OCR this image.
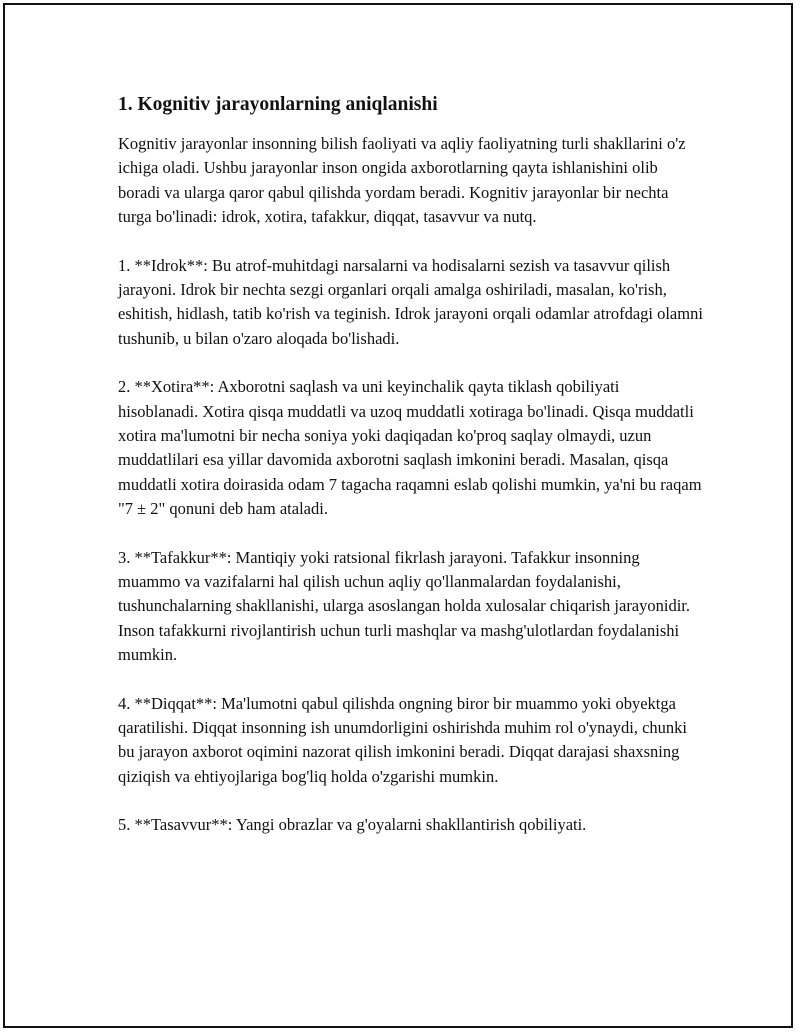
1. Kognitiv jarayonlarning aniqlanishi

Kognitiv jarayonlar insonning bilish faoliyati va aqliy faoliyatning turli shakllarini o'z ichiga oladi. Ushbu jarayonlar inson ongida axborotlarning qayta ishlanishini olib boradi va ularga qaror qabul qilishda yordam beradi. Kognitiv jarayonlar bir nechta turga bo'linadi: idrok, xotira, tafakkur, diqqat, tasavvur va nutq.

1. **Idrok**: Bu atrof-muhitdagi narsalarni va hodisalarni sezish va tasavvur qilish jarayoni. Idrok bir nechta sezgi organlari orqali amalga oshiriladi, masalan, ko'rish, eshitish, hidlash, tatib ko'rish va teginish. Idrok jarayoni orqali odamlar atrofdagi olamni tushunib, u bilan o'zaro aloqada bo'lishadi.

2. **Xotira**: Axborotni saqlash va uni keyinchalik qayta tiklash qobiliyati hisoblanadi. Xotira qisqa muddatli va uzoq muddatli xotiraga bo'linadi. Qisqa muddatli xotira ma'lumotni bir necha soniya yoki daqiqadan ko'proq saqlay olmaydi, uzun muddatlilari esa yillar davomida axborotni saqlash imkonini beradi. Masalan, qisqa muddatli xotira doirasida odam 7 tagacha raqamni eslab qolishi mumkin, ya'ni bu raqam "7 ± 2" qonuni deb ham ataladi.

3. **Tafakkur**: Mantiqiy yoki ratsional fikrlash jarayoni. Tafakkur insonning muammo va vazifalarni hal qilish uchun aqliy qo'llanmalardan foydalanishi, tushunchalarning shakllanishi, ularga asoslangan holda xulosalar chiqarish jarayonidir. Inson tafakkurni rivojlantirish uchun turli mashqlar va mashg'ulotlardan foydalanishi mumkin.

4. **Diqqat**: Ma'lumotni qabul qilishda ongning biror bir muammo yoki obyektga qaratilishi. Diqqat insonning ish unumdorligini oshirishda muhim rol o'ynaydi, chunki bu jarayon axborot oqimini nazorat qilish imkonini beradi. Diqqat darajasi shaxsning qiziqish va ehtiyojlariga bog'liq holda o'zgarishi mumkin.

5. **Tasavvur**: Yangi obrazlar va g'oyalarni shakllantirish qobiliyati.
